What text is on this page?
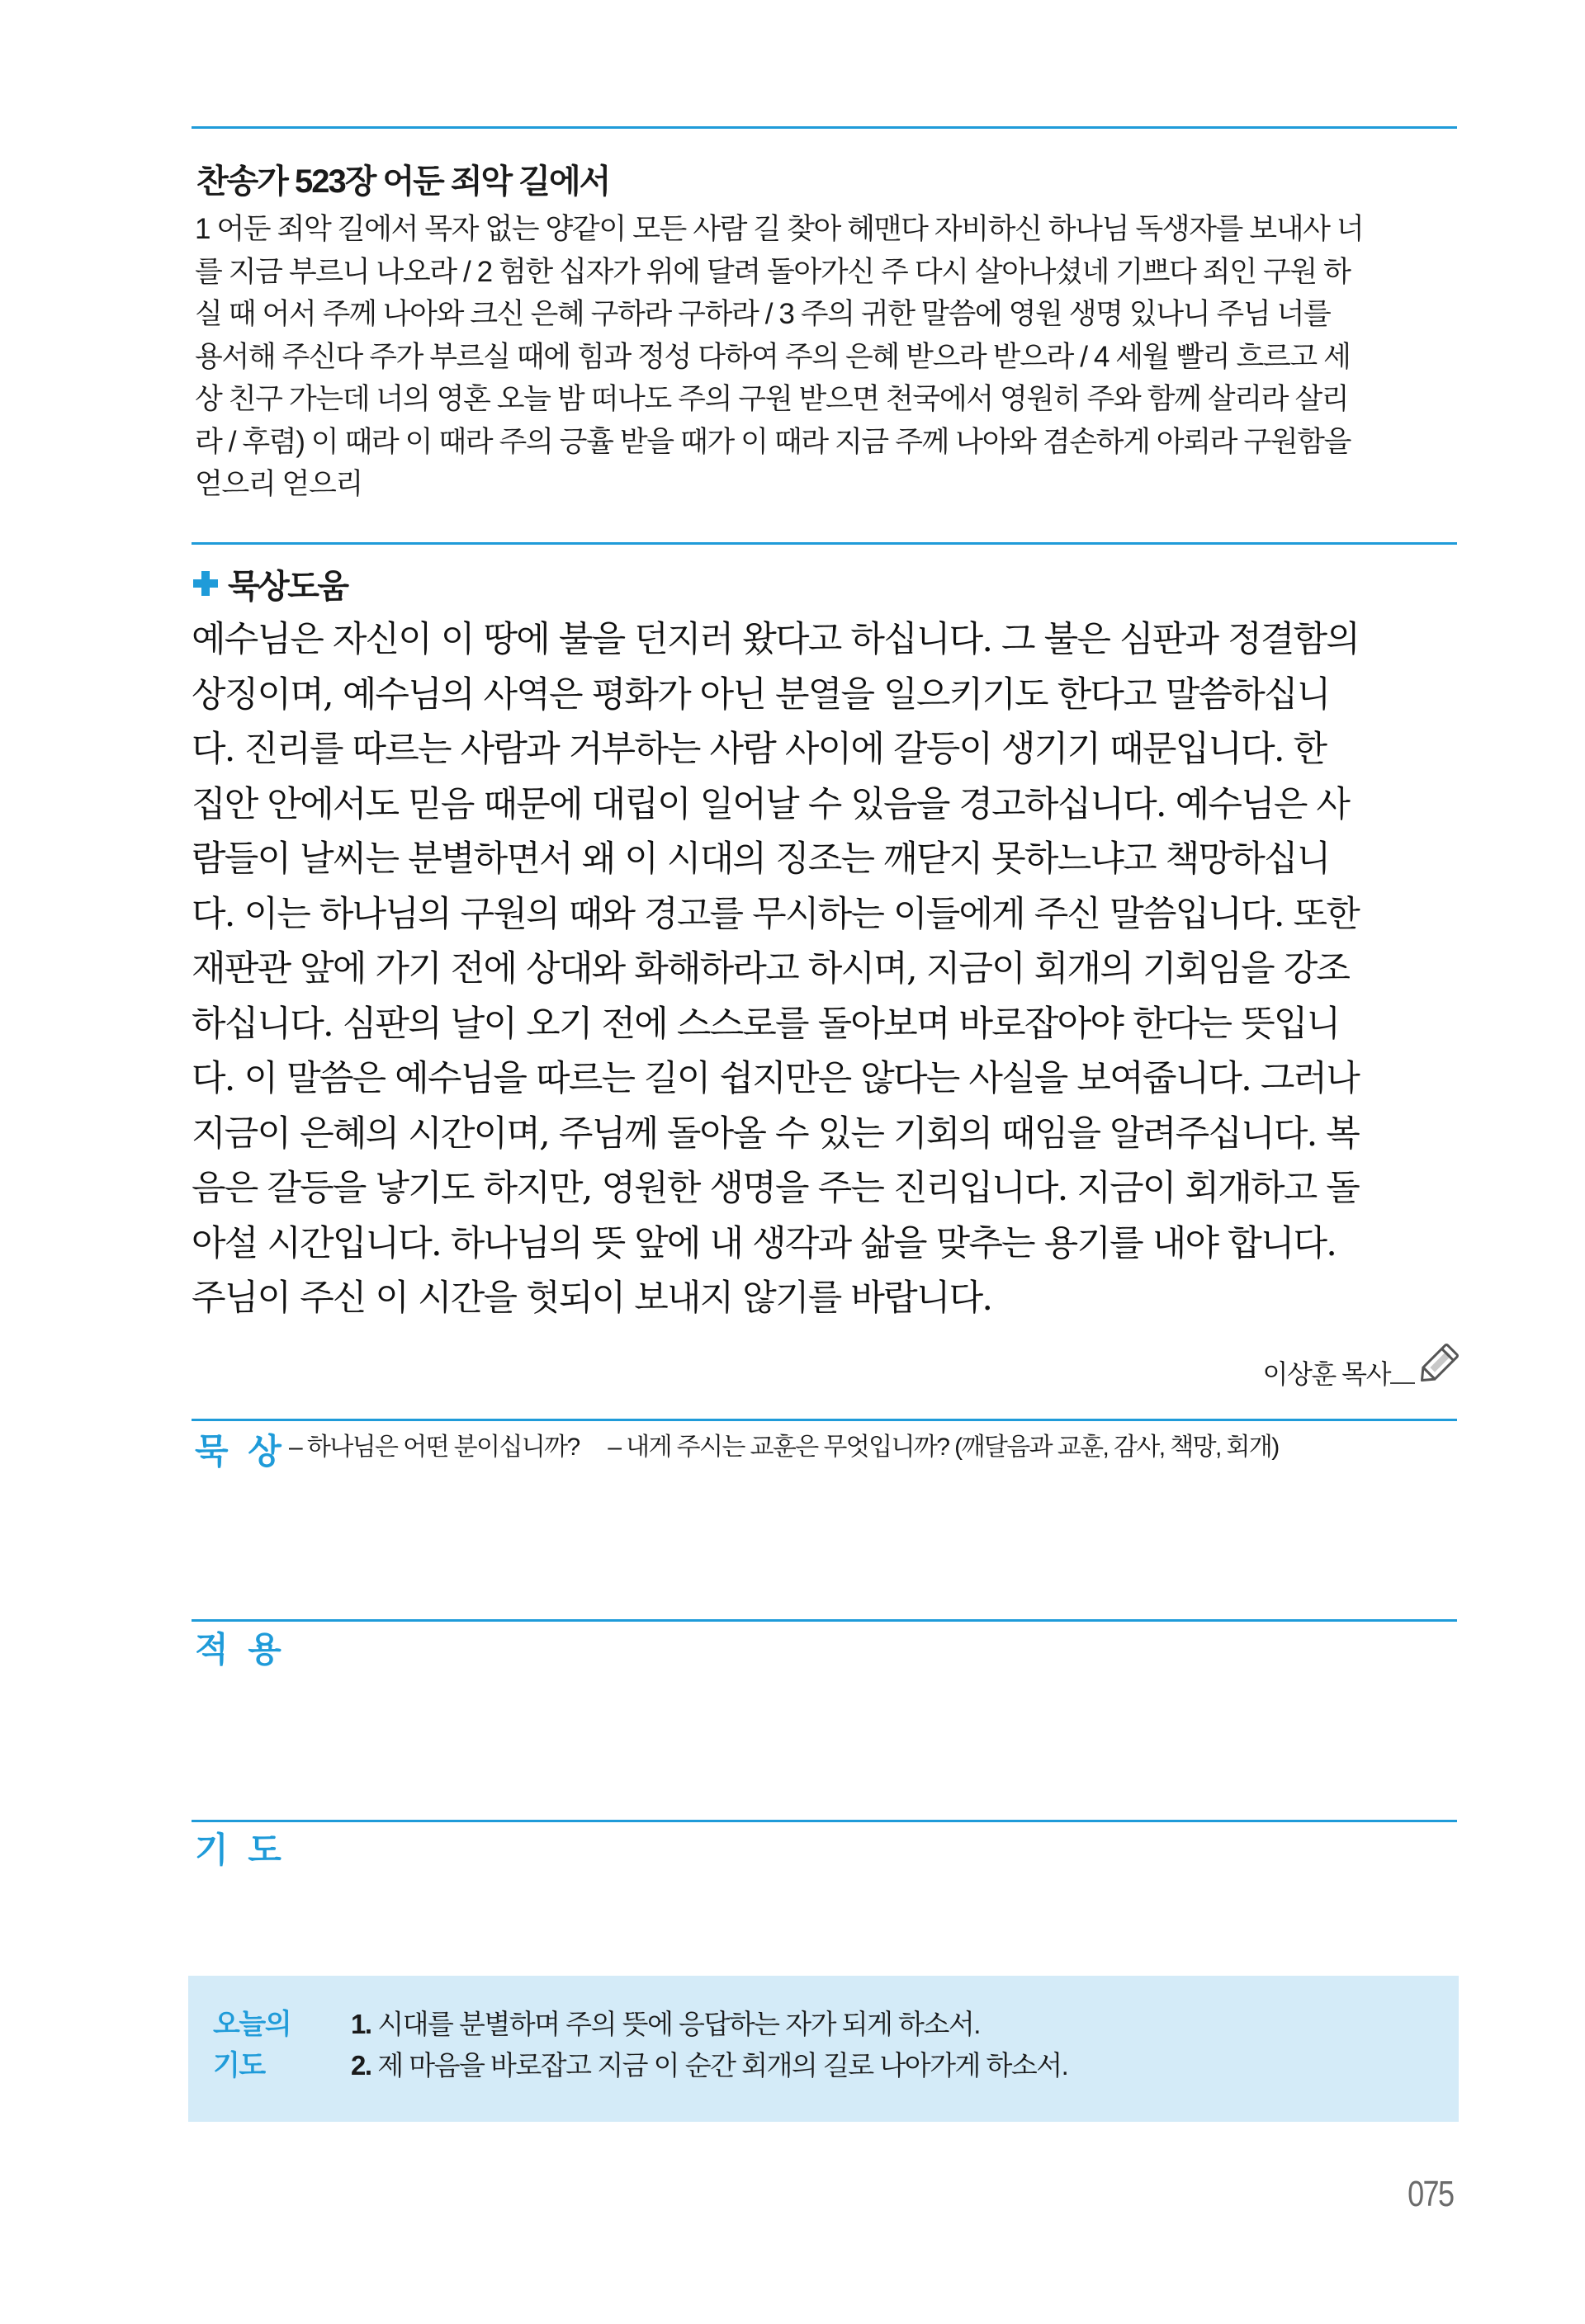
찬송가 523장 어둔 죄악 길에서
1 어둔 죄악 길에서 목자 없는 양같이 모든 사람 길 찾아 헤맨다 자비하신 하나님 독생자를 보내사 너
를 지금 부르니 나오라 / 2 험한 십자가 위에 달려 돌아가신 주 다시 살아나셨네 기쁘다 죄인 구원 하
실 때 어서 주께 나아와 크신 은혜 구하라 구하라 / 3 주의 귀한 말씀에 영원 생명 있나니 주님 너를
용서해 주신다 주가 부르실 때에 힘과 정성 다하여 주의 은혜 받으라 받으라 / 4 세월 빨리 흐르고 세
상 친구 가는데 너의 영혼 오늘 밤 떠나도 주의 구원 받으면 천국에서 영원히 주와 함께 살리라 살리
라 / 후렴) 이 때라 이 때라 주의 긍휼 받을 때가 이 때라 지금 주께 나아와 겸손하게 아뢰라 구원함을
얻으리 얻으리
묵상도움
예수님은 자신이 이 땅에 불을 던지러 왔다고 하십니다. 그 불은 심판과 정결함의
상징이며, 예수님의 사역은 평화가 아닌 분열을 일으키기도 한다고 말씀하십니
다. 진리를 따르는 사람과 거부하는 사람 사이에 갈등이 생기기 때문입니다. 한
집안 안에서도 믿음 때문에 대립이 일어날 수 있음을 경고하십니다. 예수님은 사
람들이 날씨는 분별하면서 왜 이 시대의 징조는 깨닫지 못하느냐고 책망하십니
다. 이는 하나님의 구원의 때와 경고를 무시하는 이들에게 주신 말씀입니다. 또한
재판관 앞에 가기 전에 상대와 화해하라고 하시며, 지금이 회개의 기회임을 강조
하십니다. 심판의 날이 오기 전에 스스로를 돌아보며 바로잡아야 한다는 뜻입니
다. 이 말씀은 예수님을 따르는 길이 쉽지만은 않다는 사실을 보여줍니다. 그러나
지금이 은혜의 시간이며, 주님께 돌아올 수 있는 기회의 때임을 알려주십니다. 복
음은 갈등을 낳기도 하지만, 영원한 생명을 주는 진리입니다. 지금이 회개하고 돌
아설 시간입니다. 하나님의 뜻 앞에 내 생각과 삶을 맞추는 용기를 내야 합니다.
주님이 주신 이 시간을 헛되이 보내지 않기를 바랍니다.
이상훈 목사
묵 상 – 하나님은 어떤 분이십니까? – 내게 주시는 교훈은 무엇입니까? (깨달음과 교훈, 감사, 책망, 회개)
적 용
기 도
오늘의
기도
1. 시대를 분별하며 주의 뜻에 응답하는 자가 되게 하소서.
2. 제 마음을 바로잡고 지금 이 순간 회개의 길로 나아가게 하소서.
075
